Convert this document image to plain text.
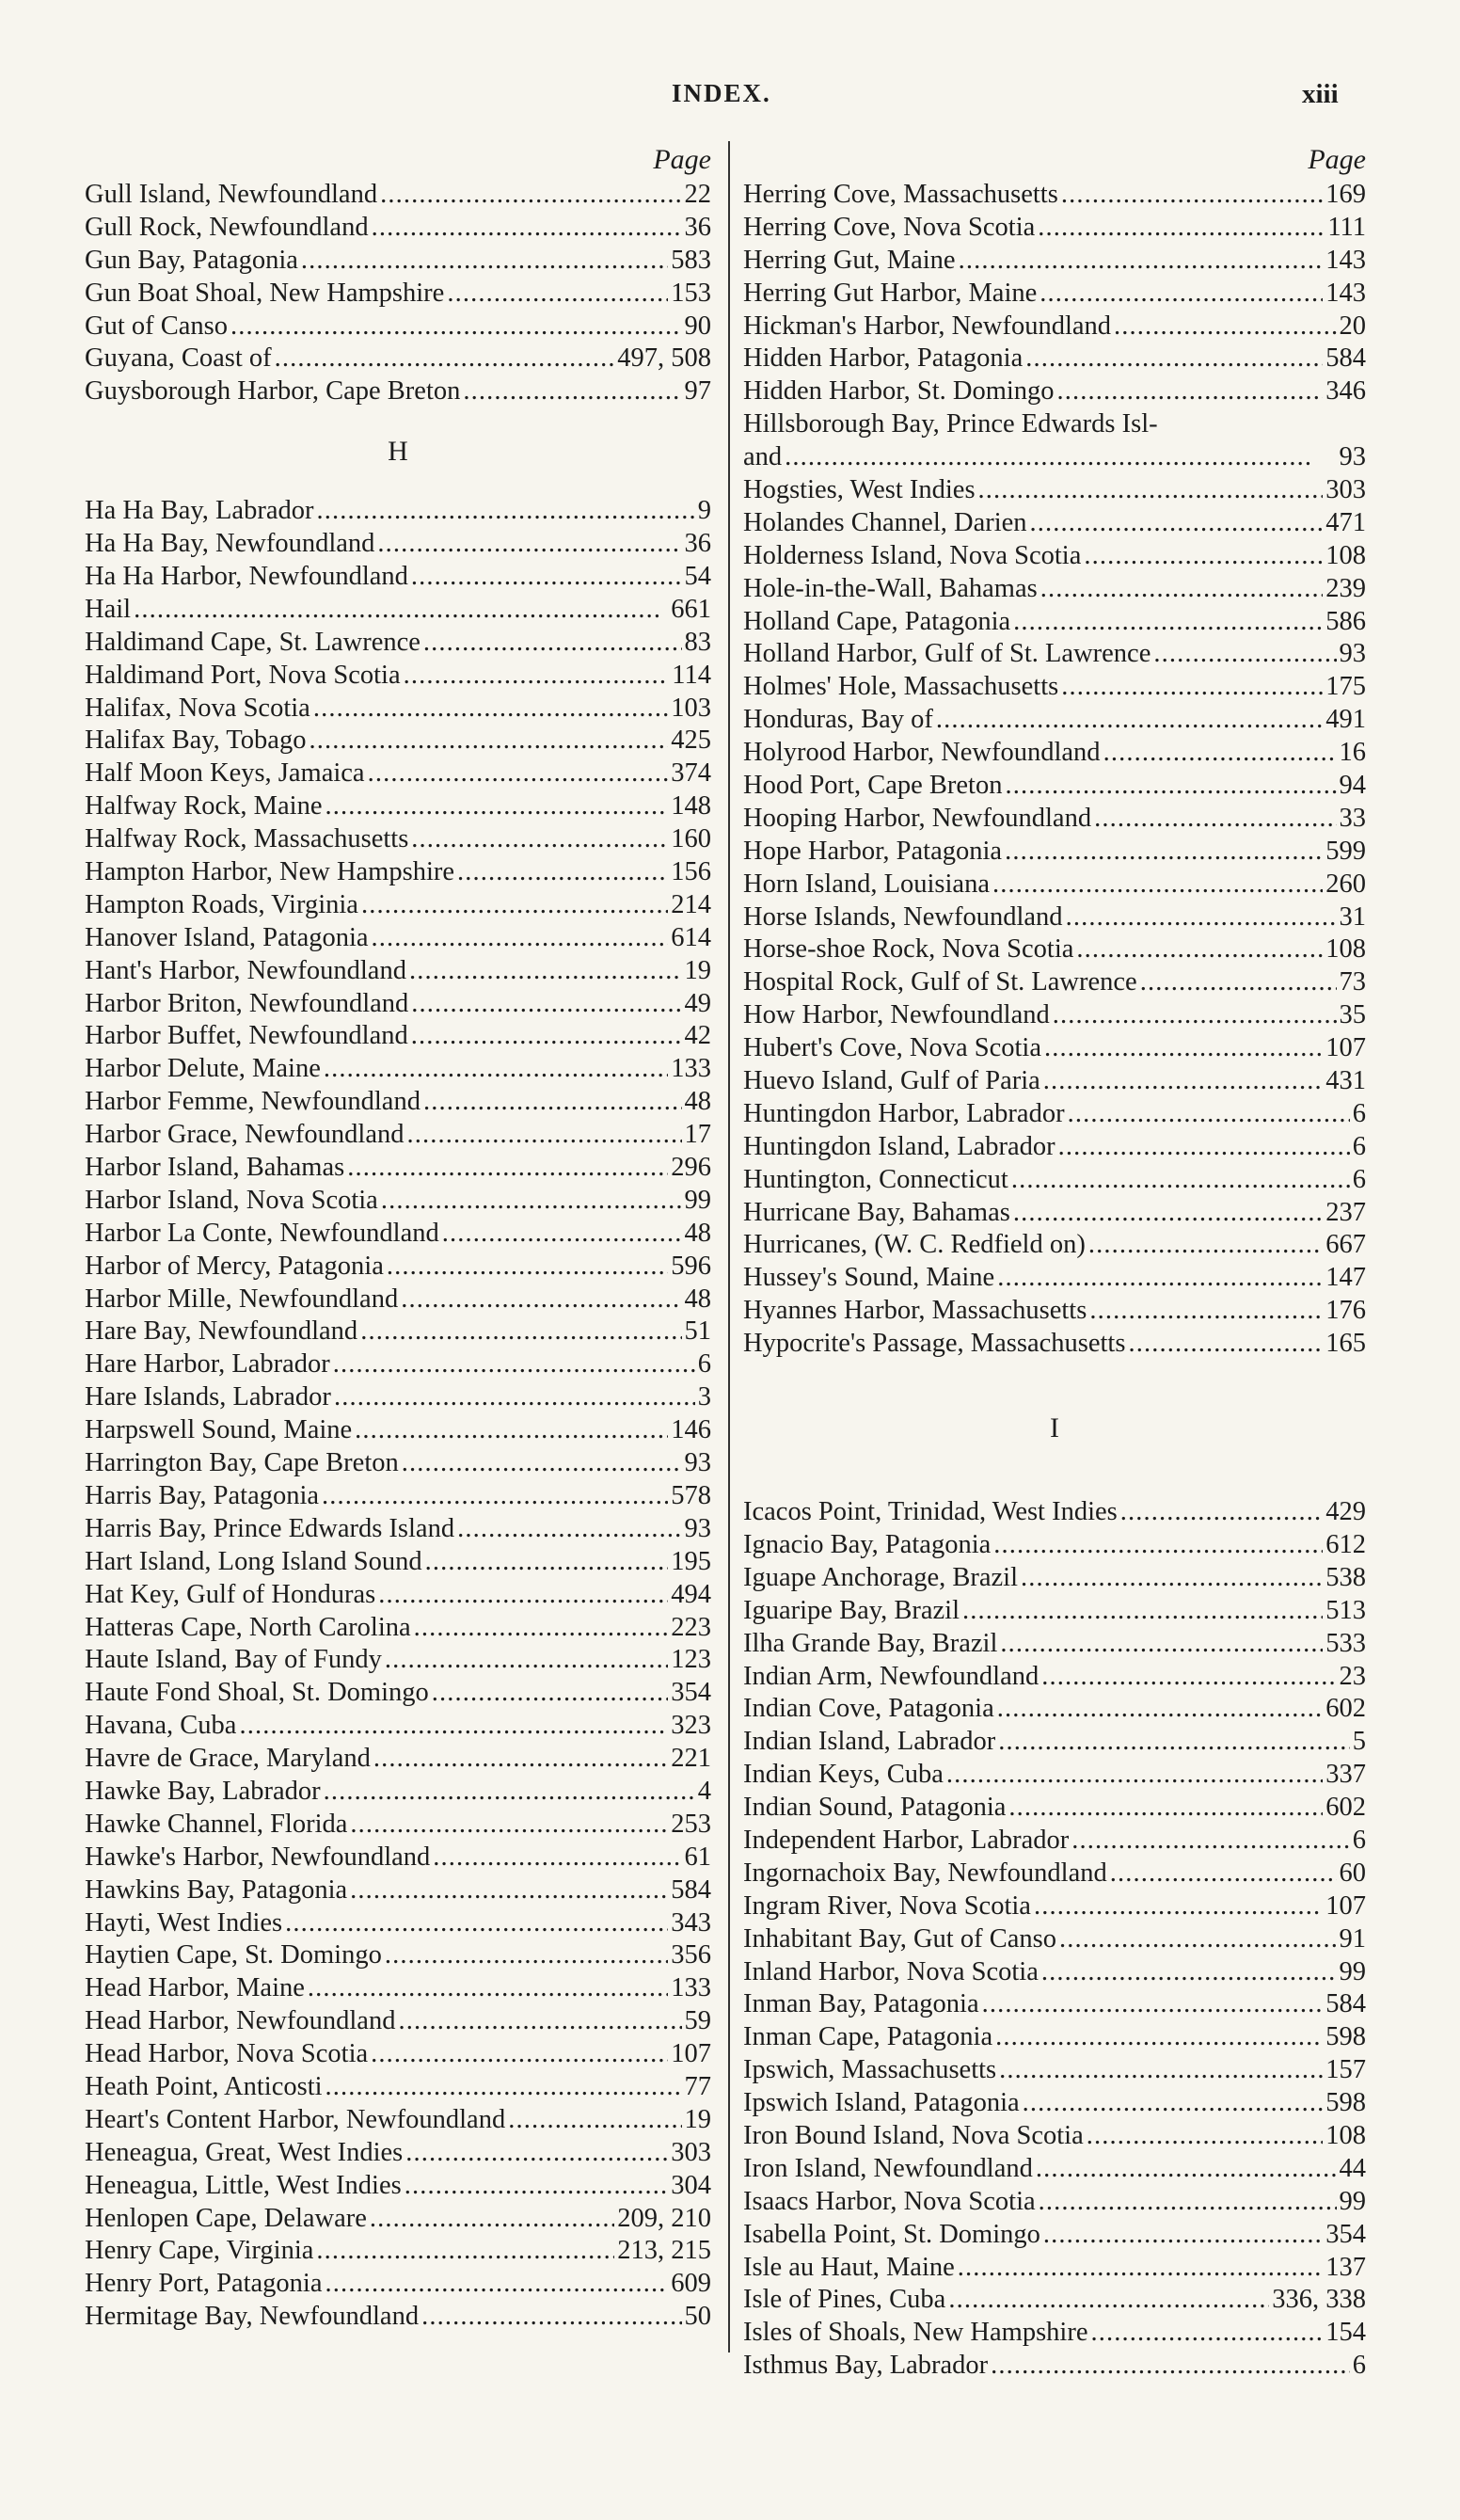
INDEX.	xiii
Page
Gull Island, Newfoundland . . .	22
Gull Rock, Newfoundland . . .	36
Gun Bay, Patagonia . . .	583
Gun Boat Shoal, New Hampshire . . .	153
Gut of Canso . . .	90
Guyana, Coast of . . .	497, 508
Guysborough Harbor, Cape Breton . . .	97
H
Ha Ha Bay, Labrador . . .	9
Ha Ha Bay, Newfoundland . . .	36
Ha Ha Harbor, Newfoundland . . .	54
Hail . . .	661
Haldimand Cape, St. Lawrence . . .	83
Haldimand Port, Nova Scotia . . .	114
Halifax, Nova Scotia . . .	103
Halifax Bay, Tobago . . .	425
Half Moon Keys, Jamaica . . .	374
Halfway Rock, Maine . . .	148
Halfway Rock, Massachusetts . . .	160
Hampton Harbor, New Hampshire . . .	156
Hampton Roads, Virginia . . .	214
Hanover Island, Patagonia . . .	614
Hant's Harbor, Newfoundland . . .	19
Harbor Briton, Newfoundland . . .	49
Harbor Buffet, Newfoundland . . .	42
Harbor Delute, Maine . . .	133
Harbor Femme, Newfoundland . . .	48
Harbor Grace, Newfoundland . . .	17
Harbor Island, Bahamas . . .	296
Harbor Island, Nova Scotia . . .	99
Harbor La Conte, Newfoundland . . .	48
Harbor of Mercy, Patagonia . . .	596
Harbor Mille, Newfoundland . . .	48
Hare Bay, Newfoundland . . .	51
Hare Harbor, Labrador . . .	6
Hare Islands, Labrador . . .	3
Harpswell Sound, Maine . . .	146
Harrington Bay, Cape Breton . . .	93
Harris Bay, Patagonia . . .	578
Harris Bay, Prince Edwards Island . . .	93
Hart Island, Long Island Sound . . .	195
Hat Key, Gulf of Honduras . . .	494
Hatteras Cape, North Carolina . . .	223
Haute Island, Bay of Fundy . . .	123
Haute Fond Shoal, St. Domingo . . .	354
Havana, Cuba . . .	323
Havre de Grace, Maryland . . .	221
Hawke Bay, Labrador . . .	4
Hawke Channel, Florida . . .	253
Hawke's Harbor, Newfoundland . . .	61
Hawkins Bay, Patagonia . . .	584
Hayti, West Indies . . .	343
Haytien Cape, St. Domingo . . .	356
Head Harbor, Maine . . .	133
Head Harbor, Newfoundland . . .	59
Head Harbor, Nova Scotia . . .	107
Heath Point, Anticosti . . .	77
Heart's Content Harbor, Newfoundland . . .	19
Heneagua, Great, West Indies . . .	303
Heneagua, Little, West Indies . . .	304
Henlopen Cape, Delaware . . .	209, 210
Henry Cape, Virginia . . .	213, 215
Henry Port, Patagonia . . .	609
Hermitage Bay, Newfoundland . . .	50
Page
Herring Cove, Massachusetts . . .	169
Herring Cove, Nova Scotia . . .	111
Herring Gut, Maine . . .	143
Herring Gut Harbor, Maine . . .	143
Hickman's Harbor, Newfoundland . . .	20
Hidden Harbor, Patagonia . . .	584
Hidden Harbor, St. Domingo . . .	346
Hillsborough Bay, Prince Edwards Isl-
and . . .	93
Hogsties, West Indies . . .	303
Holandes Channel, Darien . . .	471
Holderness Island, Nova Scotia . . .	108
Hole-in-the-Wall, Bahamas . . .	239
Holland Cape, Patagonia . . .	586
Holland Harbor, Gulf of St. Lawrence . . .	93
Holmes' Hole, Massachusetts . . .	175
Honduras, Bay of . . .	491
Holyrood Harbor, Newfoundland . . .	16
Hood Port, Cape Breton . . .	94
Hooping Harbor, Newfoundland . . .	33
Hope Harbor, Patagonia . . .	599
Horn Island, Louisiana . . .	260
Horse Islands, Newfoundland . . .	31
Horse-shoe Rock, Nova Scotia . . .	108
Hospital Rock, Gulf of St. Lawrence . . .	73
How Harbor, Newfoundland . . .	35
Hubert's Cove, Nova Scotia . . .	107
Huevo Island, Gulf of Paria . . .	431
Huntingdon Harbor, Labrador . . .	6
Huntingdon Island, Labrador . . .	6
Huntington, Connecticut . . .	6
Hurricane Bay, Bahamas . . .	237
Hurricanes, (W. C. Redfield on) . . .	667
Hussey's Sound, Maine . . .	147
Hyannes Harbor, Massachusetts . . .	176
Hypocrite's Passage, Massachusetts . . .	165
I
Icacos Point, Trinidad, West Indies . . .	429
Ignacio Bay, Patagonia . . .	612
Iguape Anchorage, Brazil . . .	538
Iguaripe Bay, Brazil . . .	513
Ilha Grande Bay, Brazil . . .	533
Indian Arm, Newfoundland . . .	23
Indian Cove, Patagonia . . .	602
Indian Island, Labrador . . .	5
Indian Keys, Cuba . . .	337
Indian Sound, Patagonia . . .	602
Independent Harbor, Labrador . . .	6
Ingornachoix Bay, Newfoundland . . .	60
Ingram River, Nova Scotia . . .	107
Inhabitant Bay, Gut of Canso . . .	91
Inland Harbor, Nova Scotia . . .	99
Inman Bay, Patagonia . . .	584
Inman Cape, Patagonia . . .	598
Ipswich, Massachusetts . . .	157
Ipswich Island, Patagonia . . .	598
Iron Bound Island, Nova Scotia . . .	108
Iron Island, Newfoundland . . .	44
Isaacs Harbor, Nova Scotia . . .	99
Isabella Point, St. Domingo . . .	354
Isle au Haut, Maine . . .	137
Isle of Pines, Cuba . . .	336, 338
Isles of Shoals, New Hampshire . . .	154
Isthmus Bay, Labrador . . .	6
